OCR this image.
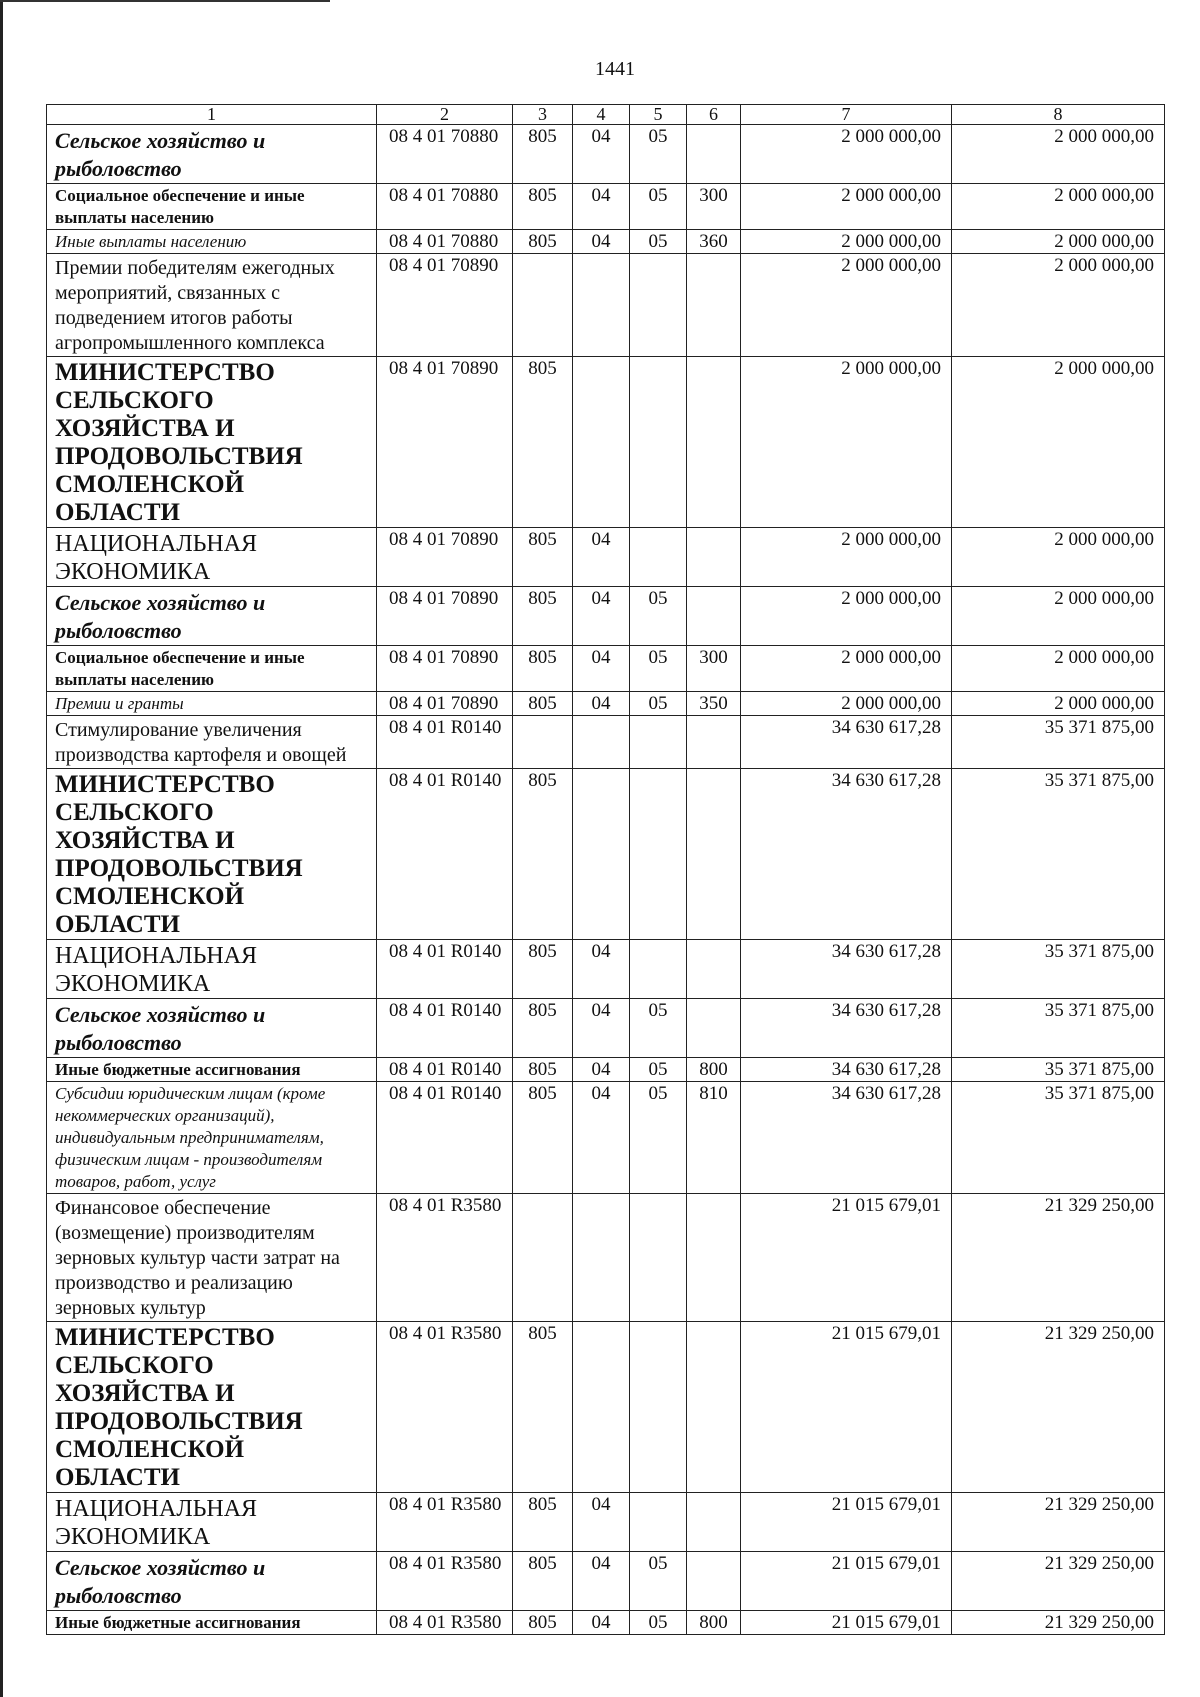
1441
1	2	3	4	5	6	7	8
Сельское хозяйство и рыболовство	08 4 01 70880	805	04	05		2 000 000,00	2 000 000,00
Социальное обеспечение и иные выплаты населению	08 4 01 70880	805	04	05	300	2 000 000,00	2 000 000,00
Иные выплаты населению	08 4 01 70880	805	04	05	360	2 000 000,00	2 000 000,00
Премии победителям ежегодных мероприятий, связанных с подведением итогов работы агропромышленного комплекса	08 4 01 70890					2 000 000,00	2 000 000,00
МИНИСТЕРСТВО СЕЛЬСКОГО ХОЗЯЙСТВА И ПРОДОВОЛЬСТВИЯ СМОЛЕНСКОЙ ОБЛАСТИ	08 4 01 70890	805				2 000 000,00	2 000 000,00
НАЦИОНАЛЬНАЯ ЭКОНОМИКА	08 4 01 70890	805	04			2 000 000,00	2 000 000,00
Сельское хозяйство и рыболовство	08 4 01 70890	805	04	05		2 000 000,00	2 000 000,00
Социальное обеспечение и иные выплаты населению	08 4 01 70890	805	04	05	300	2 000 000,00	2 000 000,00
Премии и гранты	08 4 01 70890	805	04	05	350	2 000 000,00	2 000 000,00
Стимулирование увеличения производства картофеля и овощей	08 4 01 R0140					34 630 617,28	35 371 875,00
МИНИСТЕРСТВО СЕЛЬСКОГО ХОЗЯЙСТВА И ПРОДОВОЛЬСТВИЯ СМОЛЕНСКОЙ ОБЛАСТИ	08 4 01 R0140	805				34 630 617,28	35 371 875,00
НАЦИОНАЛЬНАЯ ЭКОНОМИКА	08 4 01 R0140	805	04			34 630 617,28	35 371 875,00
Сельское хозяйство и рыболовство	08 4 01 R0140	805	04	05		34 630 617,28	35 371 875,00
Иные бюджетные ассигнования	08 4 01 R0140	805	04	05	800	34 630 617,28	35 371 875,00
Субсидии юридическим лицам (кроме некоммерческих организаций), индивидуальным предпринимателям, физическим лицам - производителям товаров, работ, услуг	08 4 01 R0140	805	04	05	810	34 630 617,28	35 371 875,00
Финансовое обеспечение (возмещение) производителям зерновых культур части затрат на производство и реализацию зерновых культур	08 4 01 R3580					21 015 679,01	21 329 250,00
МИНИСТЕРСТВО СЕЛЬСКОГО ХОЗЯЙСТВА И ПРОДОВОЛЬСТВИЯ СМОЛЕНСКОЙ ОБЛАСТИ	08 4 01 R3580	805				21 015 679,01	21 329 250,00
НАЦИОНАЛЬНАЯ ЭКОНОМИКА	08 4 01 R3580	805	04			21 015 679,01	21 329 250,00
Сельское хозяйство и рыболовство	08 4 01 R3580	805	04	05		21 015 679,01	21 329 250,00
Иные бюджетные ассигнования	08 4 01 R3580	805	04	05	800	21 015 679,01	21 329 250,00
